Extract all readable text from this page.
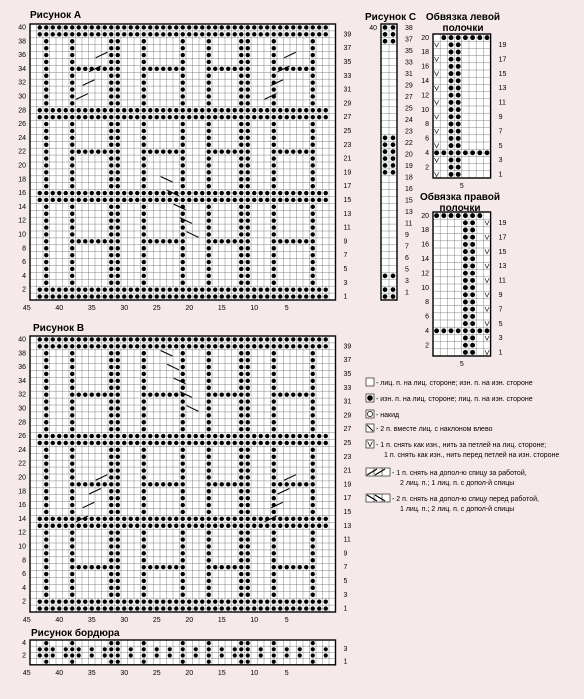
Рисунок А
Рисунок В
Рисунок С Обвязка левой
полочки
Обвязка правой
полочки
Рисунок бордюра
40
38
36
34
32
30
28
26
24
22
20
18
16
14
12
10
8
6
4
2
39
37
35
33
31
29
27
25
23
21
19
17
15
13
11
9
7
5
3
1
45	40	35	30	25	20	15	10	5
40
38
36
34
32
30
28
26
24
22
20
18
16
14
12
10
8
6
4
2
39
37
35
33
31
29
27
25
23
21
19
17
15
13
11
9
7
5
3
1
45	40	35	30	25	20	15	10	5
20
18
16
14
12
10
8
6
4
2
19
17
15
13
11
9
7
5
3
1
20
18
16
14
12
10
8
6
4
2
19
17
15
13
11
9
7
5
3
1
4
2
3
1
45	40	35	30	25	20	15	10	5
5
5
40	38
37
35
33
31
29
27
25
24
23
22
20
19
18
16
15
13
11
9
7
6
5
3
1
- лиц. п. на лиц. стороне; изн. п. на изн. стороне
- изн. п. на лиц. стороне; лиц. п. на изн. стороне
- накид
- 2 п. вместе лиц. с наклоном влево
- 1 п. снять как изн., нить за петлей на лиц. стороне;
1 п. снять как изн., нить перед петлей на изн. стороне
- 1 п. снять на допол-ю спицу за работой,
2 лиц. п.; 1 лиц. п. с допол-й спицы
- 2 п. снять на допол-ю спицу перед работой,
1 лиц. п.; 2 лиц. п. с допол-й спицы
